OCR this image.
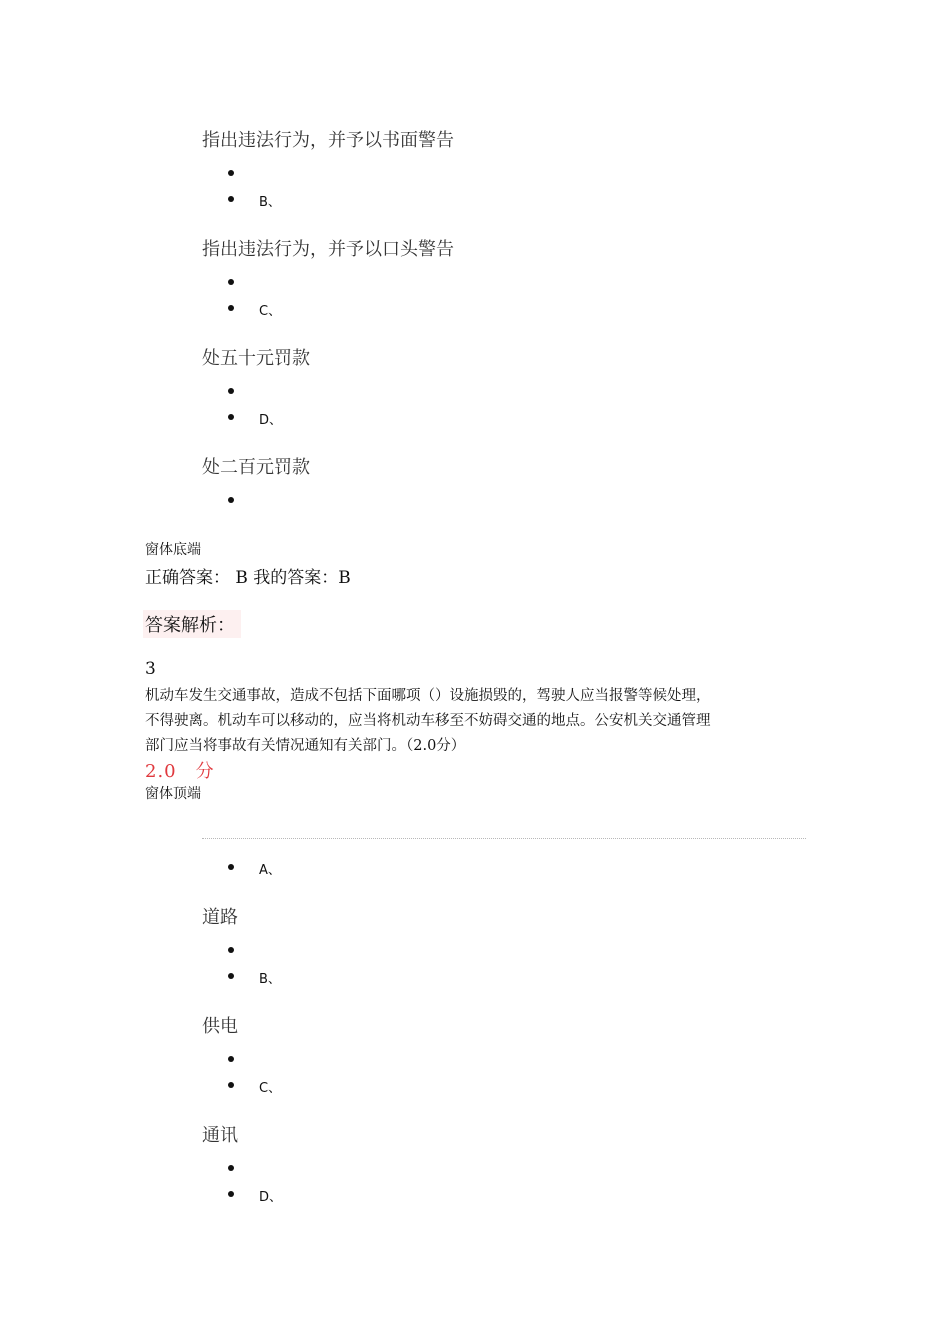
指出违法行为，并予以书面警告
B、
指出违法行为，并予以口头警告
C、
处五十元罚款
D、
处二百元罚款
窗体底端
正确答案： B 我的答案：B
答案解析：
3
机动车发生交通事故，造成不包括下面哪项（）设施损毁的，驾驶人应当报警等候处理，
不得驶离。机动车可以移动的，应当将机动车移至不妨碍交通的地点。公安机关交通管理
部门应当将事故有关情况通知有关部门。（2.0分）
2.0　分
窗体顶端
A、
道路
B、
供电
C、
通讯
D、
